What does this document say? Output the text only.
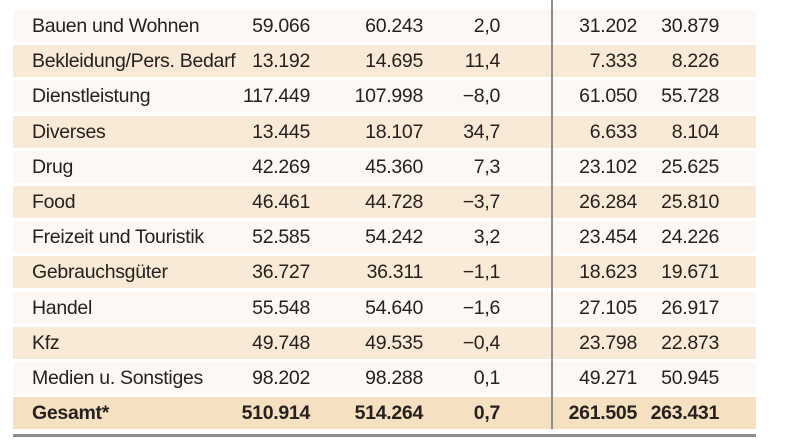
Bauen und Wohnen	59.066	60.243	2,0	31.202	30.879
Bekleidung/Pers. Bedarf 13.192	14.695	11,4	7.333	8.226
Dienstleistung	117.449	107.998	−8,0	61.050	55.728
Diverses	13.445	18.107	34,7	6.633	8.104
Drug	42.269	45.360	7,3	23.102	25.625
Food	46.461	44.728	−3,7	26.284	25.810
Freizeit und Touristik	52.585	54.242	3,2	23.454	24.226
Gebrauchsgüter	36.727	36.311	−1,1	18.623	19.671
Handel	55.548	54.640	−1,6	27.105	26.917
Kfz	49.748	49.535	−0,4	23.798	22.873
Medien u. Sonstiges	98.202	98.288	0,1	49.271	50.945
Gesamt*	510.914	514.264	0,7	261.505 263.431
